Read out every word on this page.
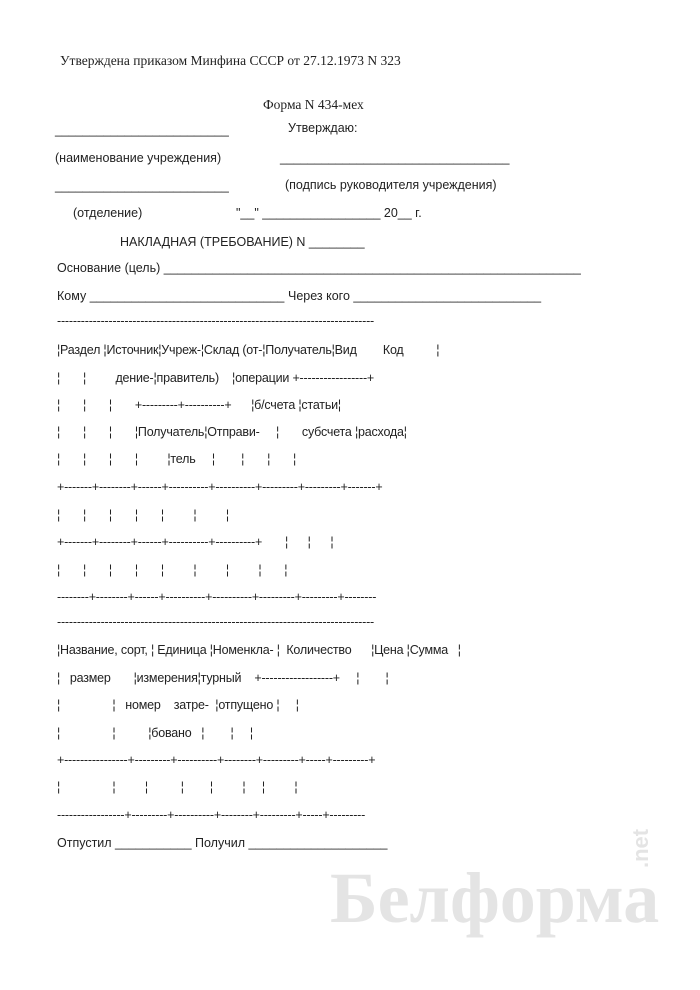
Утверждена приказом Минфина СССР от 27.12.1973 N 323
Форма N 434-мех
_________________________	Утверждаю:
(наименование учреждения)	_________________________________
_________________________	(подпись руководителя учреждения)
(отделение)	"__" _________________ 20__ г.
НАКЛАДНАЯ (ТРЕБОВАНИЕ) N ________
Основание (цель) ____________________________________________________________
Кому ____________________________ Через кого ___________________________
--------------------------------------------------------------------------------
¦Раздел ¦Источник¦Учреж-¦Склад (от-¦Получатель¦Вид        Код          ¦
¦       ¦         дение-¦правитель)    ¦операции +-----------------+
¦       ¦       ¦       +---------+----------+      ¦б/счета ¦статьи¦
¦       ¦       ¦       ¦Получатель¦Отправи-     ¦       субсчета ¦расхода¦
¦       ¦       ¦       ¦         ¦тель     ¦        ¦       ¦       ¦
+-------+--------+------+----------+----------+---------+---------+-------+
¦       ¦       ¦       ¦       ¦         ¦         ¦
+-------+--------+------+----------+----------+       ¦      ¦      ¦
¦       ¦       ¦       ¦       ¦         ¦         ¦         ¦       ¦
--------+--------+------+----------+----------+---------+---------+--------
--------------------------------------------------------------------------------
¦Название, сорт, ¦ Единица ¦Номенкла- ¦  Количество      ¦Цена ¦Сумма   ¦
¦   размер       ¦измерения¦турный    +------------------+     ¦        ¦
¦                ¦   номер    затре-  ¦отпущено ¦     ¦
¦                ¦          ¦бовано   ¦        ¦     ¦
+----------------+---------+----------+--------+---------+-----+---------+
¦                ¦         ¦          ¦        ¦         ¦     ¦         ¦
-----------------+---------+----------+--------+---------+-----+---------
Отпустил ___________ Получил ____________________
Белформа
.net
